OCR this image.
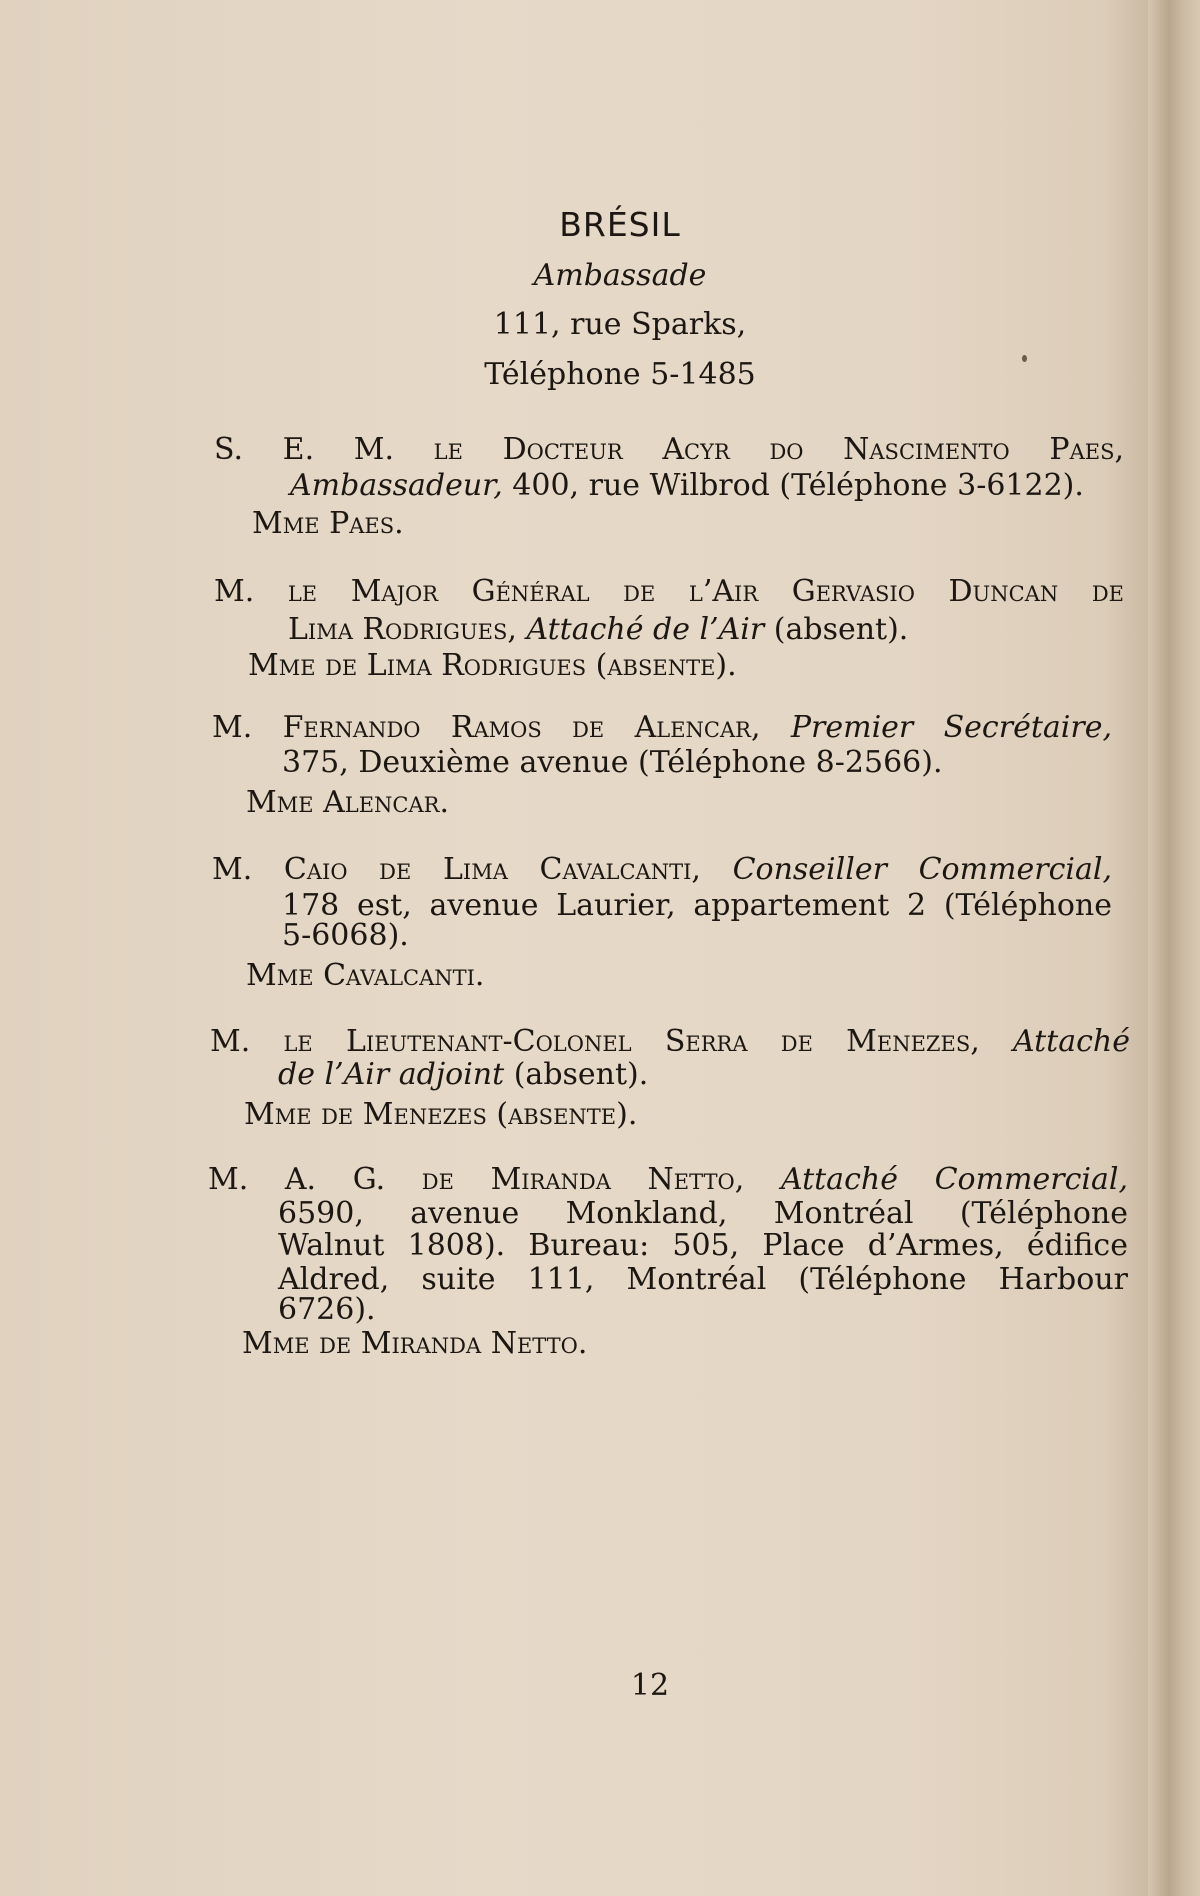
BRÉSIL
Ambassade
111, rue Sparks,
Téléphone 5-1485
S. E. M. le Docteur Acyr do Nascimento Paes,
Ambassadeur, 400, rue Wilbrod (Téléphone 3-6122).
Mme Paes.
M. le Major Général de l’Air Gervasio Duncan de
Lima Rodrigues, Attaché de l’Air (absent).
Mme de Lima Rodrigues (absente).
M. Fernando Ramos de Alencar, Premier Secrétaire,
375, Deuxième avenue (Téléphone 8-2566).
Mme Alencar.
M. Caio de Lima Cavalcanti, Conseiller Commercial,
178 est, avenue Laurier, appartement 2 (Téléphone
5-6068).
Mme Cavalcanti.
M. le Lieutenant-Colonel Serra de Menezes, Attaché
de l’Air adjoint (absent).
Mme de Menezes (absente).
M. A. G. de Miranda Netto, Attaché Commercial,
6590, avenue Monkland, Montréal (Téléphone
Walnut 1808). Bureau: 505, Place d’Armes, édifice
Aldred, suite 111, Montréal (Téléphone Harbour
6726).
Mme de Miranda Netto.
12
